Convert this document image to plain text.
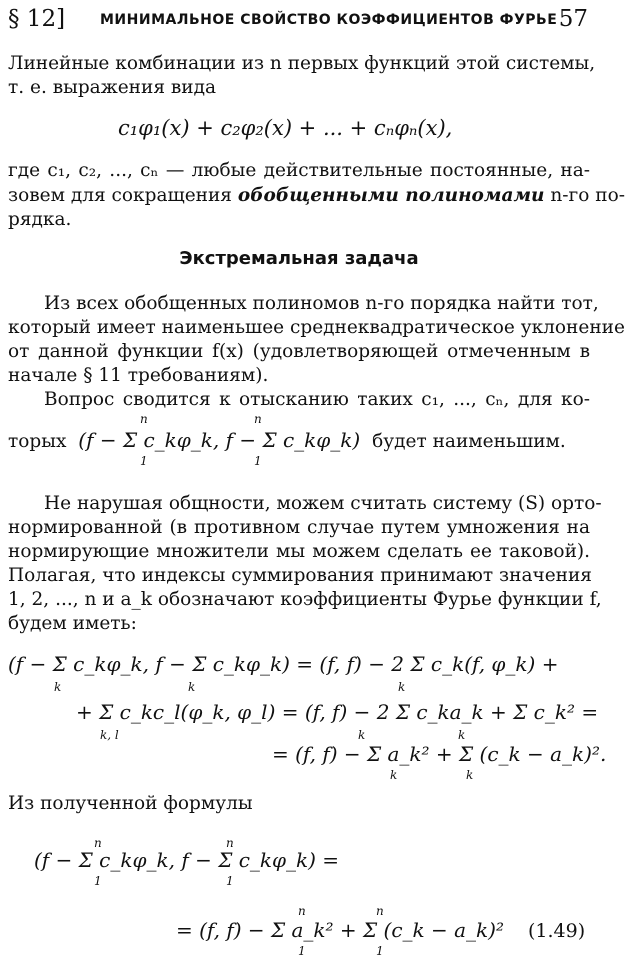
§ 12] МИНИМАЛЬНОЕ СВОЙСТВО КОЭФФИЦИЕНТОВ ФУРЬЕ 57
Линейные комбинации из n первых функций этой системы,
т. е. выражения вида
c₁φ₁(x) + c₂φ₂(x) + ... + cₙφₙ(x),
где c₁, c₂, ..., cₙ — любые действительные постоянные, на-
зовем для сокращения обобщенными полиномами n-го по-
рядка.
Экстремальная задача
Из всех обобщенных полиномов n-го порядка найти тот,
который имеет наименьшее среднеквадратическое уклонение
от данной функции f(x) (удовлетворяющей отмеченным в
начале § 11 требованиям).
Вопрос сводится к отысканию таких c₁, ..., cₙ, для ко-
торых (f − Σ c_kφ_k, f − Σ c_kφ_k) будет наименьшим.
n
1
n
1
Не нарушая общности, можем считать систему (S) орто-
нормированной (в противном случае путем умножения на
нормирующие множители мы можем сделать ее таковой).
Полагая, что индексы суммирования принимают значения
1, 2, ..., n и a_k обозначают коэффициенты Фурье функции f,
будем иметь:
(f − Σ c_kφ_k, f − Σ c_kφ_k) = (f, f) − 2 Σ c_k(f, φ_k) +
k	k	k
+ Σ c_kc_l(φ_k, φ_l) = (f, f) − 2 Σ c_ka_k + Σ c_k² =
k, l	k	k
= (f, f) − Σ a_k² + Σ (c_k − a_k)².
k	k
Из полученной формулы
(f − Σ c_kφ_k, f − Σ c_kφ_k) =
n
1
n
1
= (f, f) − Σ a_k² + Σ (c_k − a_k)²
n
1
n
1
(1.49)
